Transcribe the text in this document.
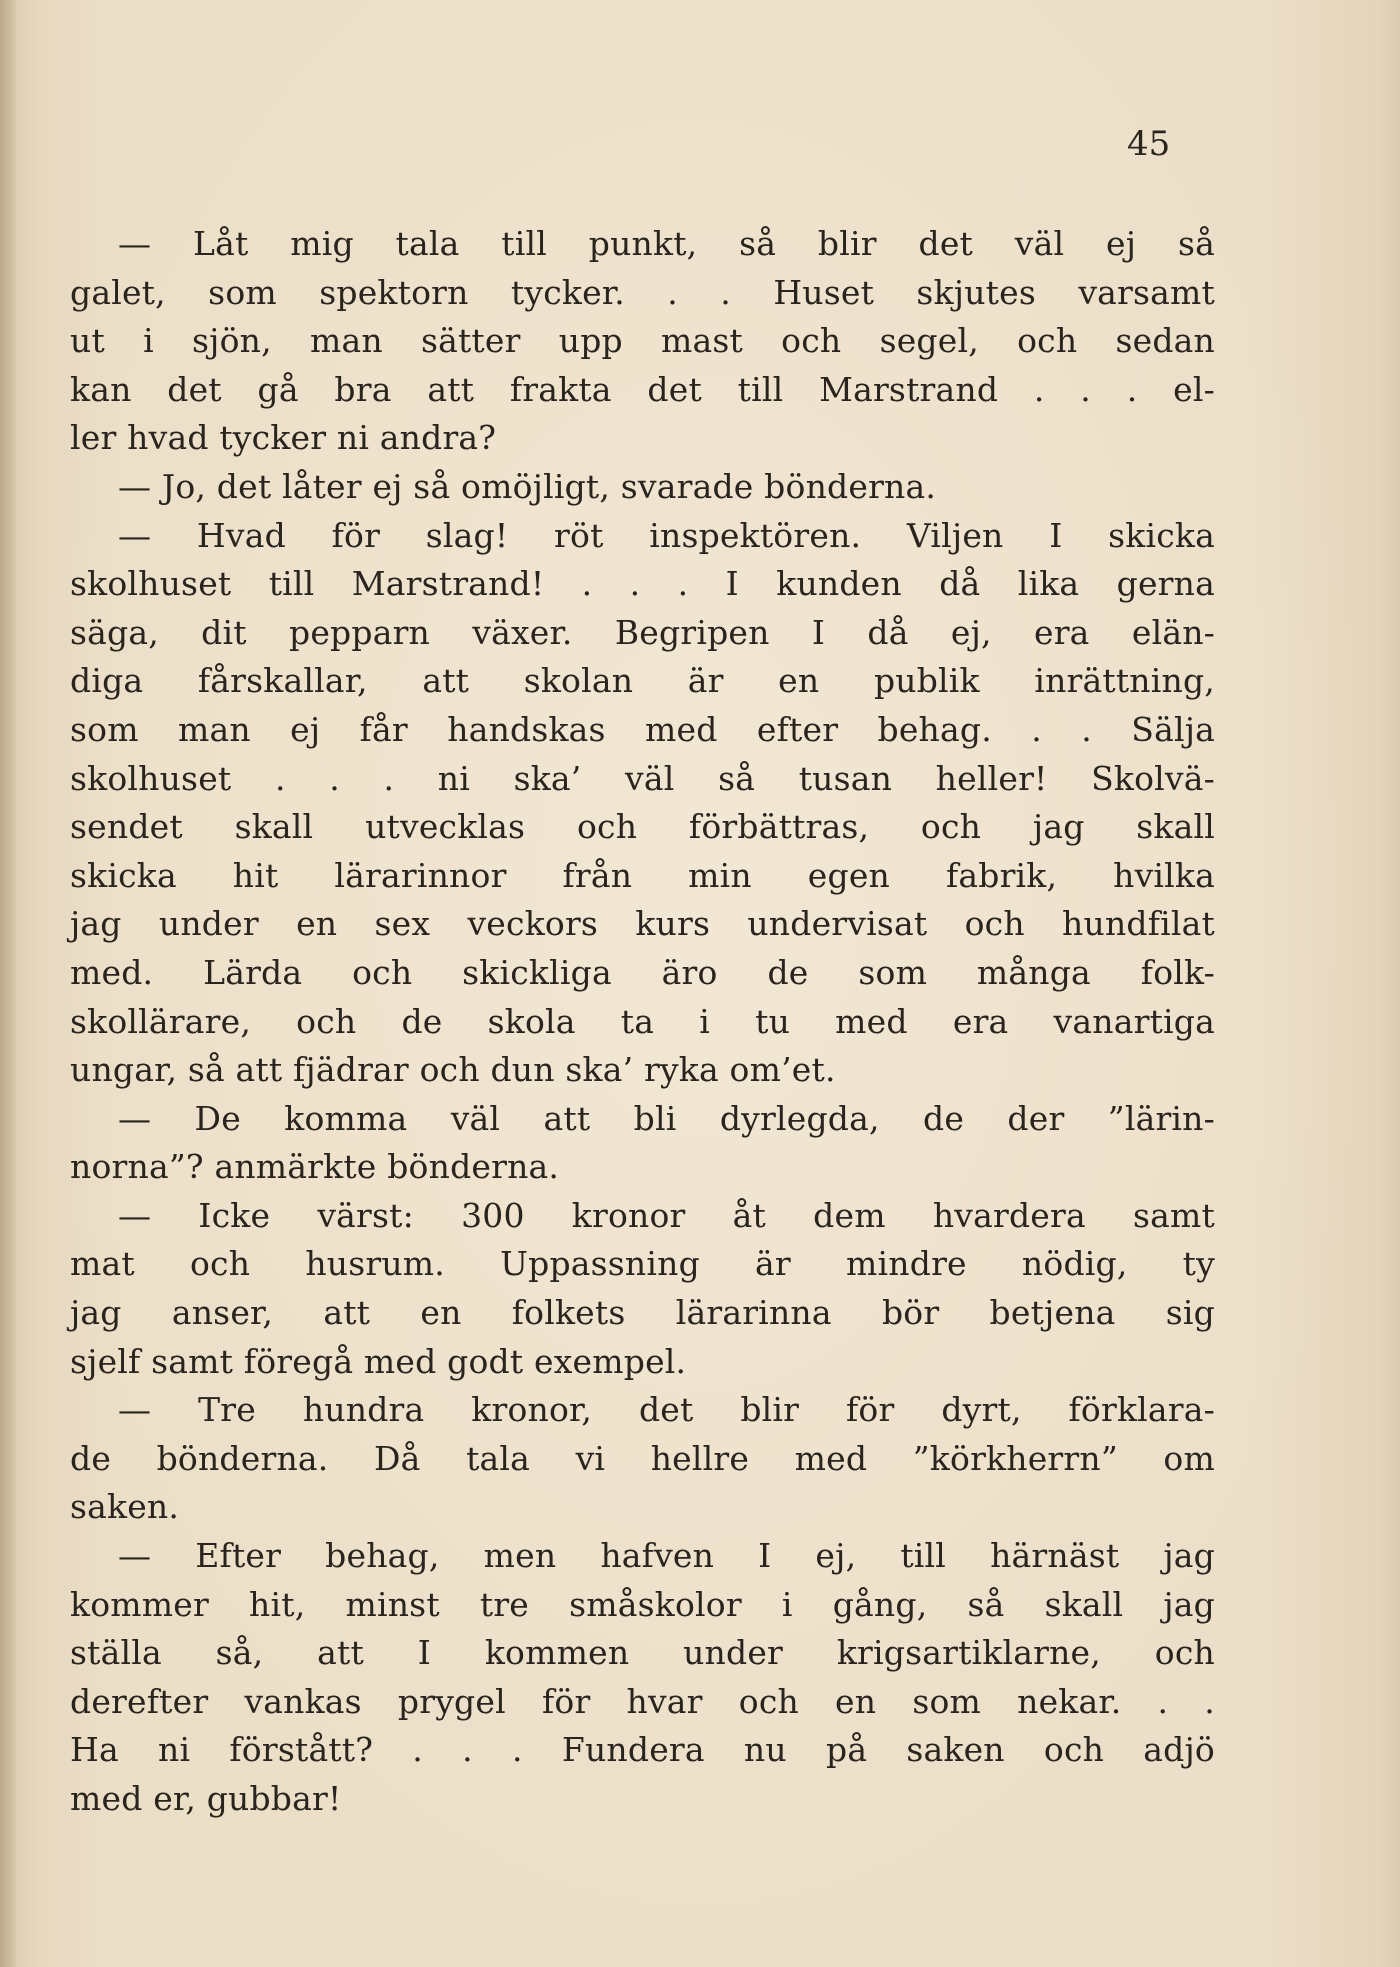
45

— Låt mig tala till punkt, så blir det väl ej så
galet, som spektorn tycker. . . Huset skjutes varsamt
ut i sjön, man sätter upp mast och segel, och sedan
kan det gå bra att frakta det till Marstrand . . . el-
ler hvad tycker ni andra?
— Jo, det låter ej så omöjligt, svarade bönderna.
— Hvad för slag! röt inspektören. Viljen I skicka
skolhuset till Marstrand! . . . I kunden då lika gerna
säga, dit pepparn växer. Begripen I då ej, era elän-
diga fårskallar, att skolan är en publik inrättning,
som man ej får handskas med efter behag. . . Sälja
skolhuset . . . ni ska’ väl så tusan heller! Skolvä-
sendet skall utvecklas och förbättras, och jag skall
skicka hit lärarinnor från min egen fabrik, hvilka
jag under en sex veckors kurs undervisat och hundfilat
med. Lärda och skickliga äro de som många folk-
skollärare, och de skola ta i tu med era vanartiga
ungar, så att fjädrar och dun ska’ ryka om’et.
— De komma väl att bli dyrlegda, de der ”lärin-
norna”? anmärkte bönderna.
— Icke värst: 300 kronor åt dem hvardera samt
mat och husrum. Uppassning är mindre nödig, ty
jag anser, att en folkets lärarinna bör betjena sig
sjelf samt föregå med godt exempel.
— Tre hundra kronor, det blir för dyrt, förklara-
de bönderna. Då tala vi hellre med ”körkherrn” om
saken.
— Efter behag, men hafven I ej, till härnäst jag
kommer hit, minst tre småskolor i gång, så skall jag
ställa så, att I kommen under krigsartiklarne, och
derefter vankas prygel för hvar och en som nekar. . .
Ha ni förstått? . . . Fundera nu på saken och adjö
med er, gubbar!
